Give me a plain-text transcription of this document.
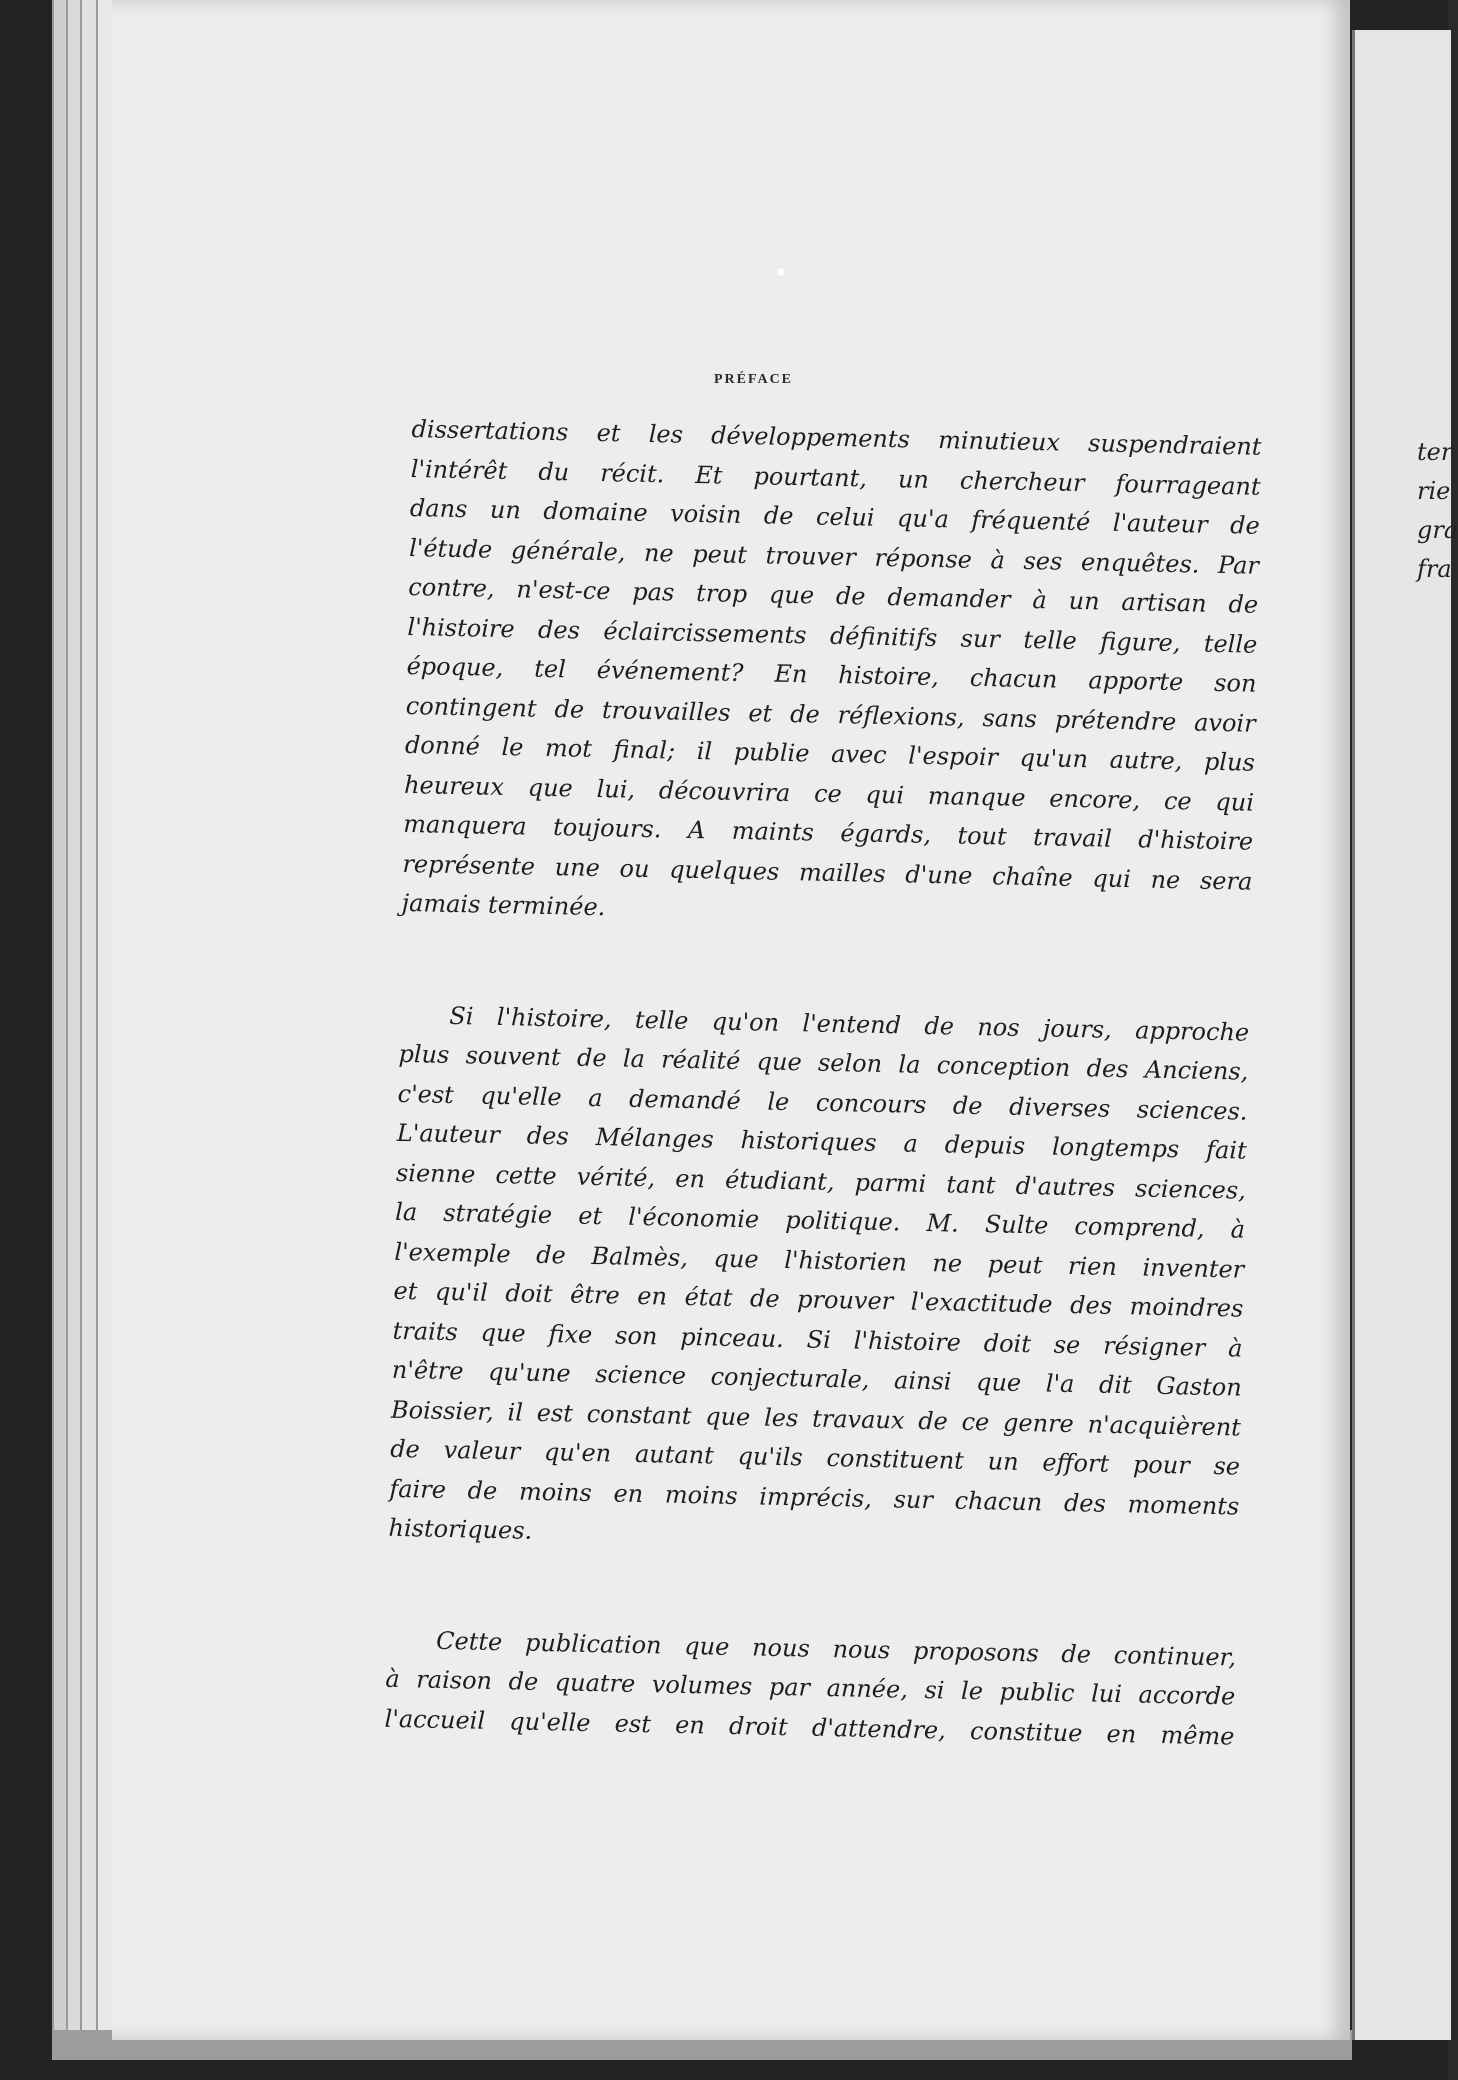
PRÉFACE
dissertations et les développements minutieux suspendraient
l'intérêt du récit. Et pourtant, un chercheur fourrageant
dans un domaine voisin de celui qu'a fréquenté l'auteur de
l'étude générale, ne peut trouver réponse à ses enquêtes. Par
contre, n'est-ce pas trop que de demander à un artisan de
l'histoire des éclaircissements définitifs sur telle figure, telle
époque, tel événement? En histoire, chacun apporte son
contingent de trouvailles et de réflexions, sans prétendre avoir
donné le mot final; il publie avec l'espoir qu'un autre, plus
heureux que lui, découvrira ce qui manque encore, ce qui
manquera toujours. A maints égards, tout travail d'histoire
représente une ou quelques mailles d'une chaîne qui ne sera
jamais terminée.
Si l'histoire, telle qu'on l'entend de nos jours, approche
plus souvent de la réalité que selon la conception des Anciens,
c'est qu'elle a demandé le concours de diverses sciences.
L'auteur des Mélanges historiques a depuis longtemps fait
sienne cette vérité, en étudiant, parmi tant d'autres sciences,
la stratégie et l'économie politique. M. Sulte comprend, à
l'exemple de Balmès, que l'historien ne peut rien inventer
et qu'il doit être en état de prouver l'exactitude des moindres
traits que fixe son pinceau. Si l'histoire doit se résigner à
n'être qu'une science conjecturale, ainsi que l'a dit Gaston
Boissier, il est constant que les travaux de ce genre n'acquièrent
de valeur qu'en autant qu'ils constituent un effort pour se
faire de moins en moins imprécis, sur chacun des moments
historiques.
Cette publication que nous nous proposons de continuer,
à raison de quatre volumes par année, si le public lui accorde
l'accueil qu'elle est en droit d'attendre, constitue en même
ter
rie
gra
fra
